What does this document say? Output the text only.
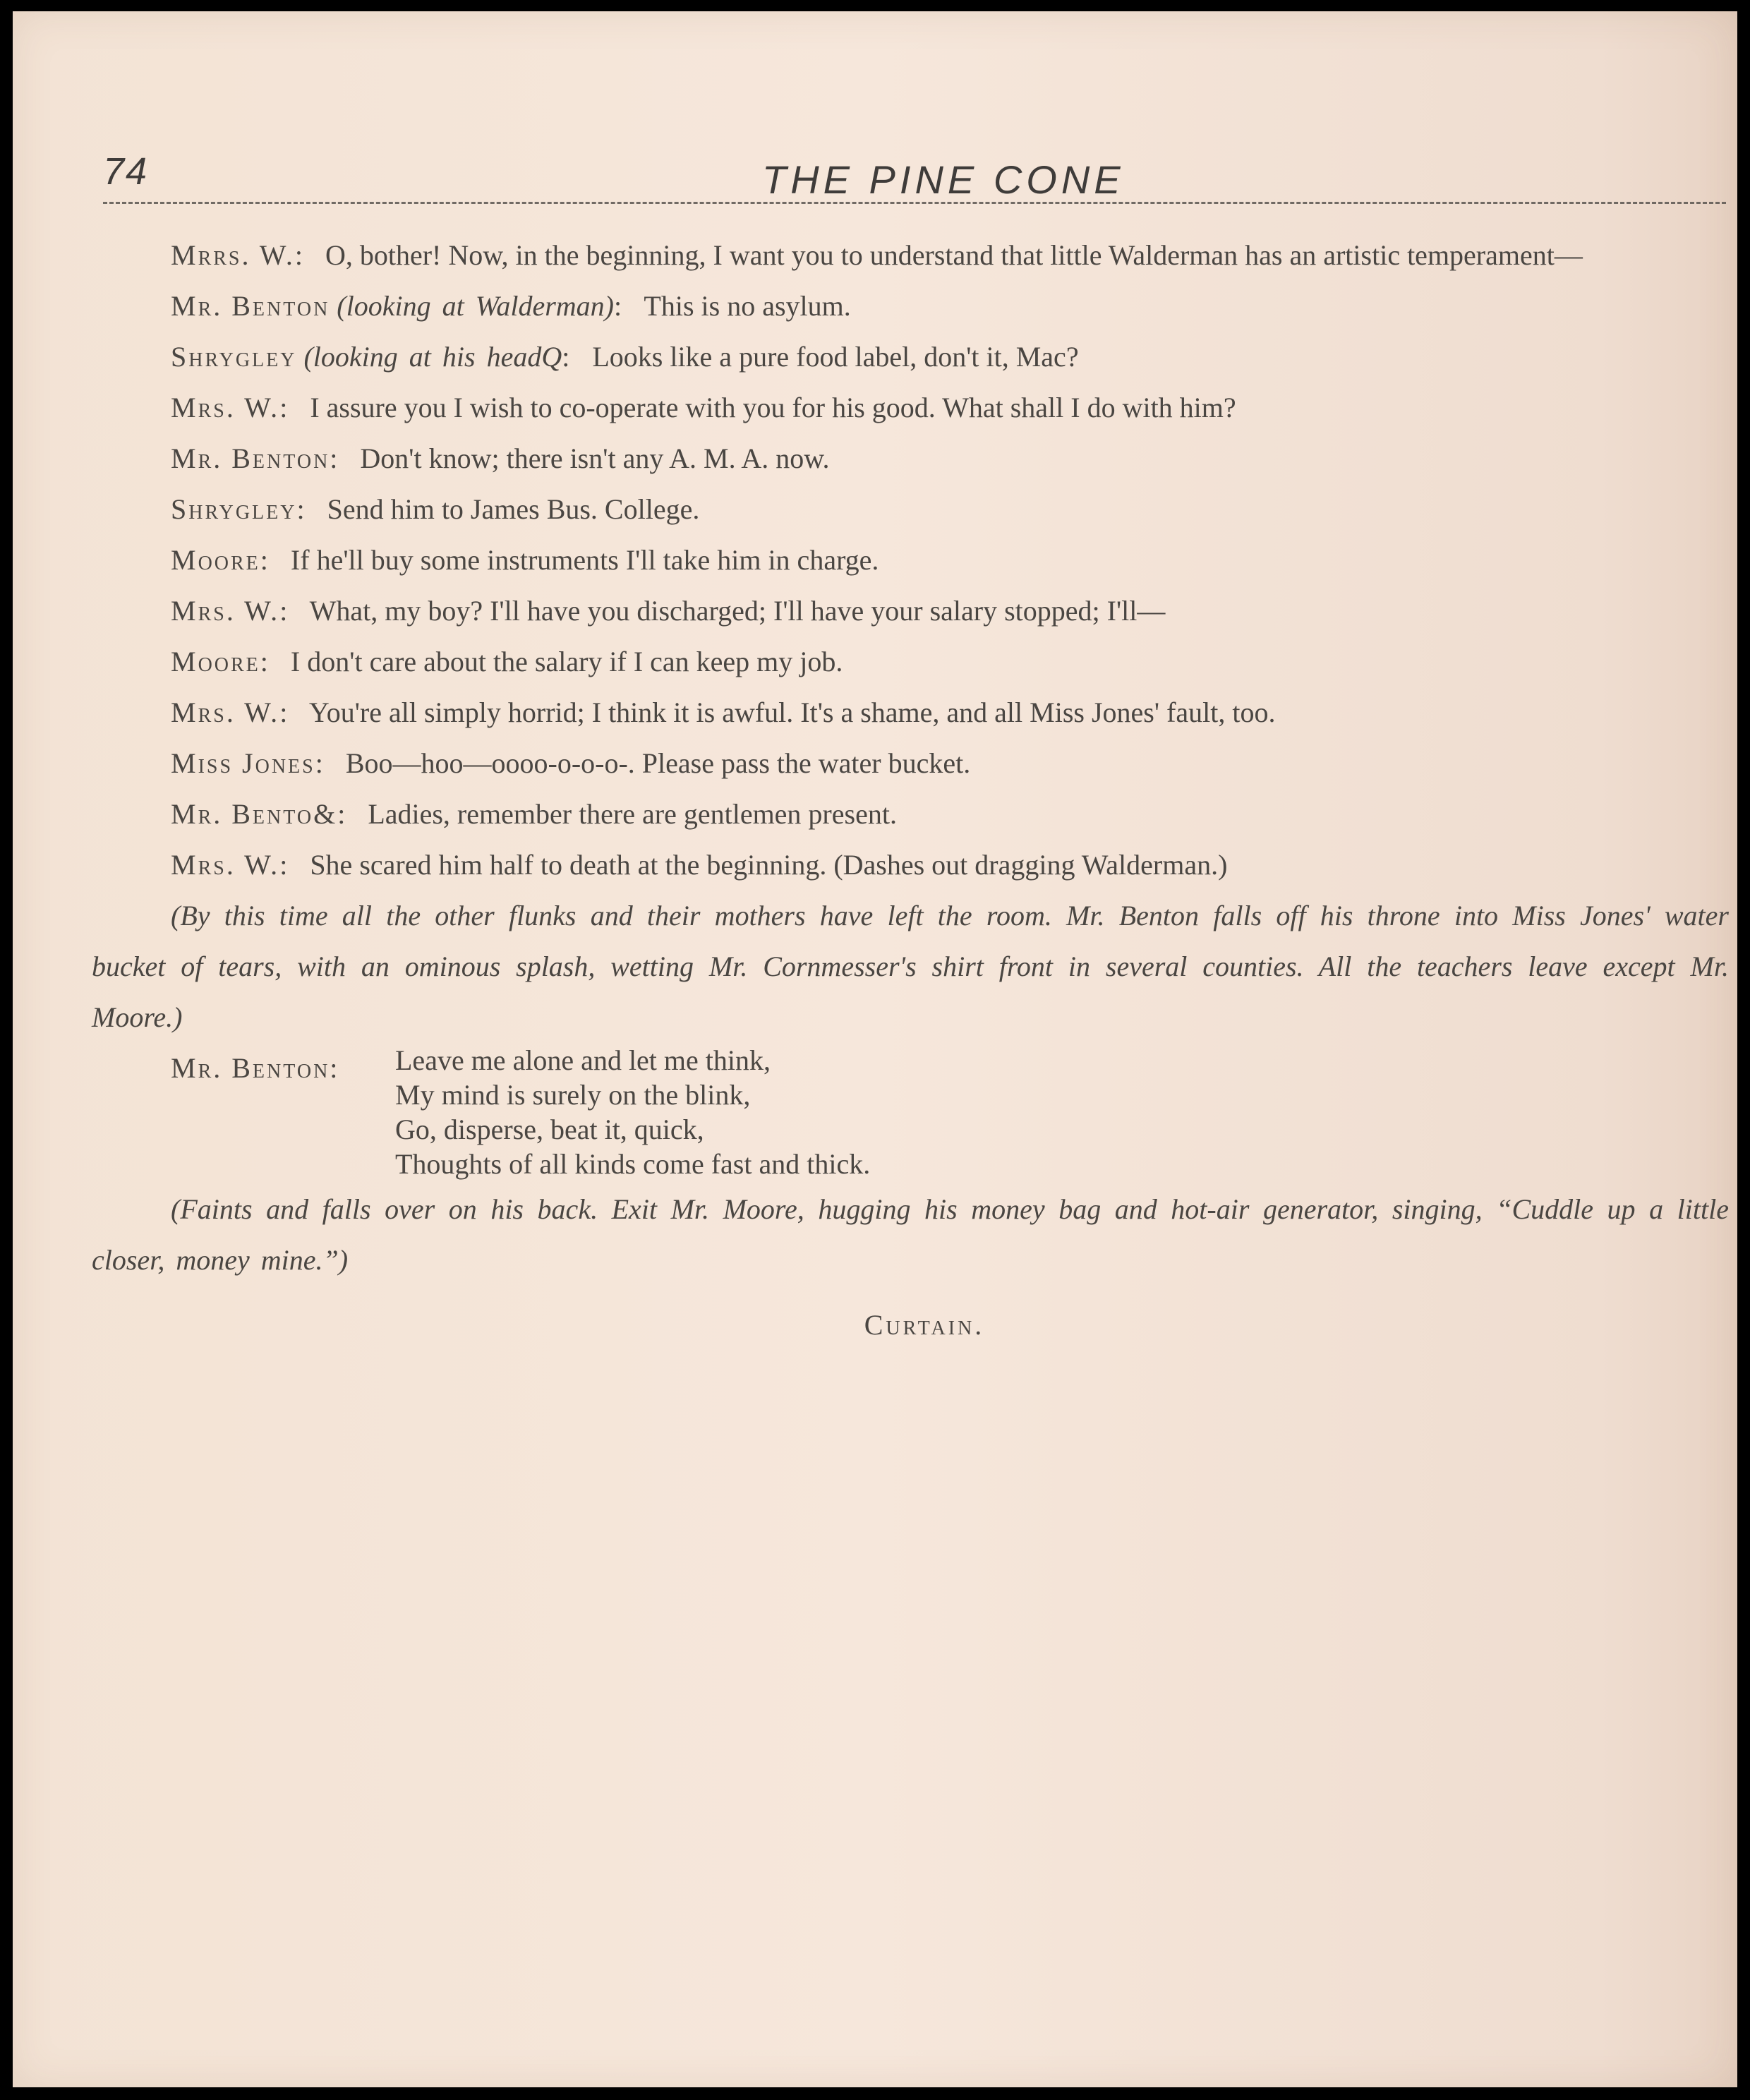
74	THE PINE CONE

Mrrs. W.: O, bother! Now, in the beginning, I want you to understand that little Walderman has an artistic temperament—

Mr. Benton (looking at Walderman): This is no asylum.

Shrygley (looking at his headQ: Looks like a pure food label, don't it, Mac?

Mrs. W.: I assure you I wish to co-operate with you for his good. What shall I do with him?

Mr. Benton: Don't know; there isn't any A. M. A. now.

Shrygley: Send him to James Bus. College.

Moore: If he'll buy some instruments I'll take him in charge.

Mrs. W.: What, my boy? I'll have you discharged; I'll have your salary stopped; I'll—

Moore: I don't care about the salary if I can keep my job.

Mrs. W.: You're all simply horrid; I think it is awful. It's a shame, and all Miss Jones' fault, too.

Miss Jones: Boo—hoo—oooo-o-o-o-. Please pass the water bucket.

Mr. Bento&: Ladies, remember there are gentlemen present.

Mrs. W.: She scared him half to death at the beginning. (Dashes out dragging Walderman.)

(By this time all the other flunks and their mothers have left the room. Mr. Benton falls off his throne into Miss Jones' water bucket of tears, with an ominous splash, wetting Mr. Cornmesser's shirt front in several counties. All the teachers leave except Mr. Moore.)

Mr. Benton: Leave me alone and let me think,
My mind is surely on the blink,
Go, disperse, beat it, quick,
Thoughts of all kinds come fast and thick.

(Faints and falls over on his back. Exit Mr. Moore, hugging his money bag and hot-air generator, singing, “Cuddle up a little closer, money mine.”)

Curtain.
